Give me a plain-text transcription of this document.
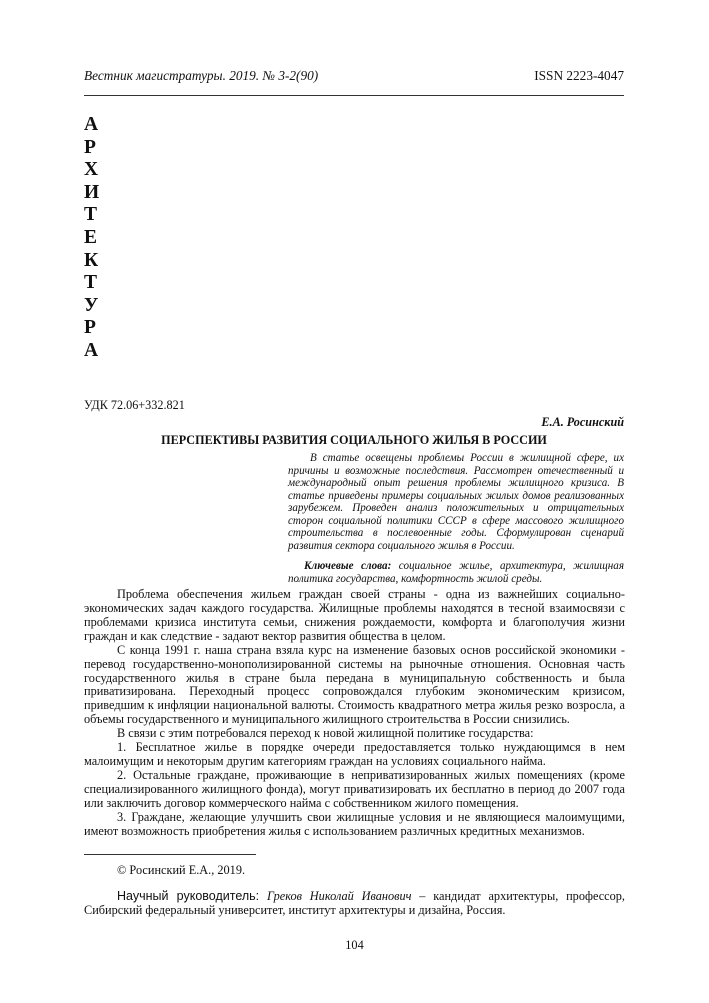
Вестник магистратуры. 2019. № 3-2(90)	ISSN 2223-4047
А
Р
Х
И
Т
Е
К
Т
У
Р
А
УДК 72.06+332.821
Е.А. Росинский
ПЕРСПЕКТИВЫ РАЗВИТИЯ СОЦИАЛЬНОГО ЖИЛЬЯ В РОССИИ

В статье освещены проблемы России в жилищной сфере, их причины и возможные последствия. Рассмотрен отечественный и международный опыт решения проблемы жилищного кризиса. В статье приведены примеры социальных жилых домов реализованных зарубежем. Проведен анализ положительных и отрицательных сторон социальной политики СССР в сфере массового жилищного строительства в послевоенные годы. Сформулирован сценарий развития сектора социального жилья в России.

Ключевые слова: социальное жилье, архитектура, жилищная политика государства, комфортность жилой среды.

Проблема обеспечения жильем граждан своей страны - одна из важнейших социально-экономических задач каждого государства. Жилищные проблемы находятся в тесной взаимосвязи с проблемами кризиса института семьи, снижения рождаемости, комфорта и благополучия жизни граждан и как следствие - задают вектор развития общества в целом.

С конца 1991 г. наша страна взяла курс на изменение базовых основ российской экономики - перевод государственно-монополизированной системы на рыночные отношения. Основная часть государственного жилья в стране была передана в муниципальную собственность и была приватизирована. Переходный процесс сопровождался глубоким экономическим кризисом, приведшим к инфляции национальной валюты. Стоимость квадратного метра жилья резко возросла, а объемы государственного и муниципального жилищного строительства в России снизились.

В связи с этим потребовался переход к новой жилищной политике государства:

1. Бесплатное жилье в порядке очереди предоставляется только нуждающимся в нем малоимущим и некоторым другим категориям граждан на условиях социального найма.

2. Остальные граждане, проживающие в неприватизированных жилых помещениях (кроме специализированного жилищного фонда), могут приватизировать их бесплатно в период до 2007 года или заключить договор коммерческого найма с собственником жилого помещения.

3. Граждане, желающие улучшить свои жилищные условия и не являющиеся малоимущими, имеют возможность приобретения жилья с использованием различных кредитных механизмов.

© Росинский Е.А., 2019.

Научный руководитель: Греков Николай Иванович – кандидат архитектуры, профессор, Сибирский федеральный университет, институт архитектуры и дизайна, Россия.

104
